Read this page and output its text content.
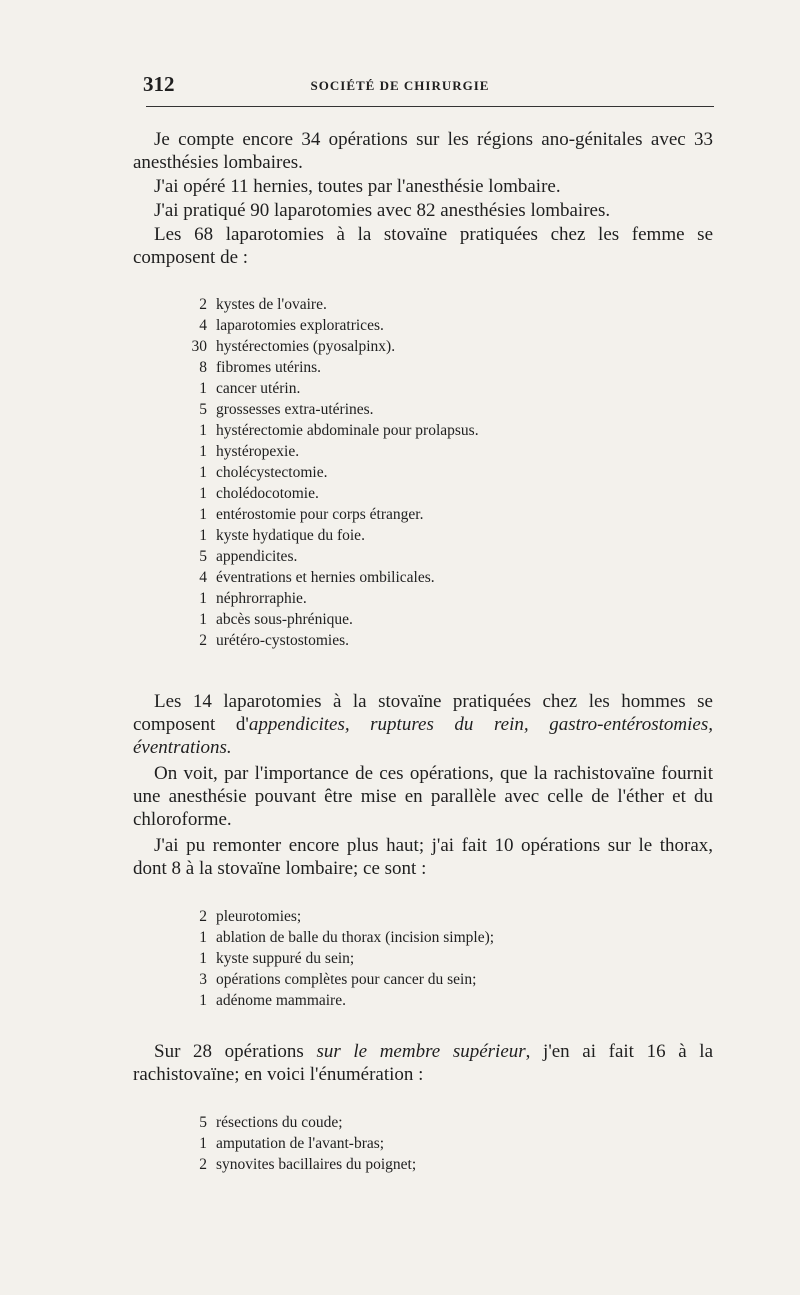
312	SOCIÉTÉ DE CHIRURGIE

Je compte encore 34 opérations sur les régions ano-génitales avec 33 anesthésies lombaires.

J'ai opéré 11 hernies, toutes par l'anesthésie lombaire.

J'ai pratiqué 90 laparotomies avec 82 anesthésies lombaires.

Les 68 laparotomies à la stovaïne pratiquées chez les femme se composent de :

2 kystes de l'ovaire.
4 laparotomies exploratrices.
30 hystérectomies (pyosalpinx).
8 fibromes utérins.
1 cancer utérin.
5 grossesses extra-utérines.
1 hystérectomie abdominale pour prolapsus.
1 hystéropexie.
1 cholécystectomie.
1 cholédocotomie.
1 entérostomie pour corps étranger.
1 kyste hydatique du foie.
5 appendicites.
4 éventrations et hernies ombilicales.
1 néphrorraphie.
1 abcès sous-phrénique.
2 urétéro-cystostomies.

Les 14 laparotomies à la stovaïne pratiquées chez les hommes se composent d'appendicites, ruptures du rein, gastro-entérostomies, éventrations.

On voit, par l'importance de ces opérations, que la rachistovaïne fournit une anesthésie pouvant être mise en parallèle avec celle de l'éther et du chloroforme.

J'ai pu remonter encore plus haut; j'ai fait 10 opérations sur le thorax, dont 8 à la stovaïne lombaire; ce sont :

2 pleurotomies;
1 ablation de balle du thorax (incision simple);
1 kyste suppuré du sein;
3 opérations complètes pour cancer du sein;
1 adénome mammaire.

Sur 28 opérations sur le membre supérieur, j'en ai fait 16 à la rachistovaïne; en voici l'énumération :

5 résections du coude;
1 amputation de l'avant-bras;
2 synovites bacillaires du poignet;
